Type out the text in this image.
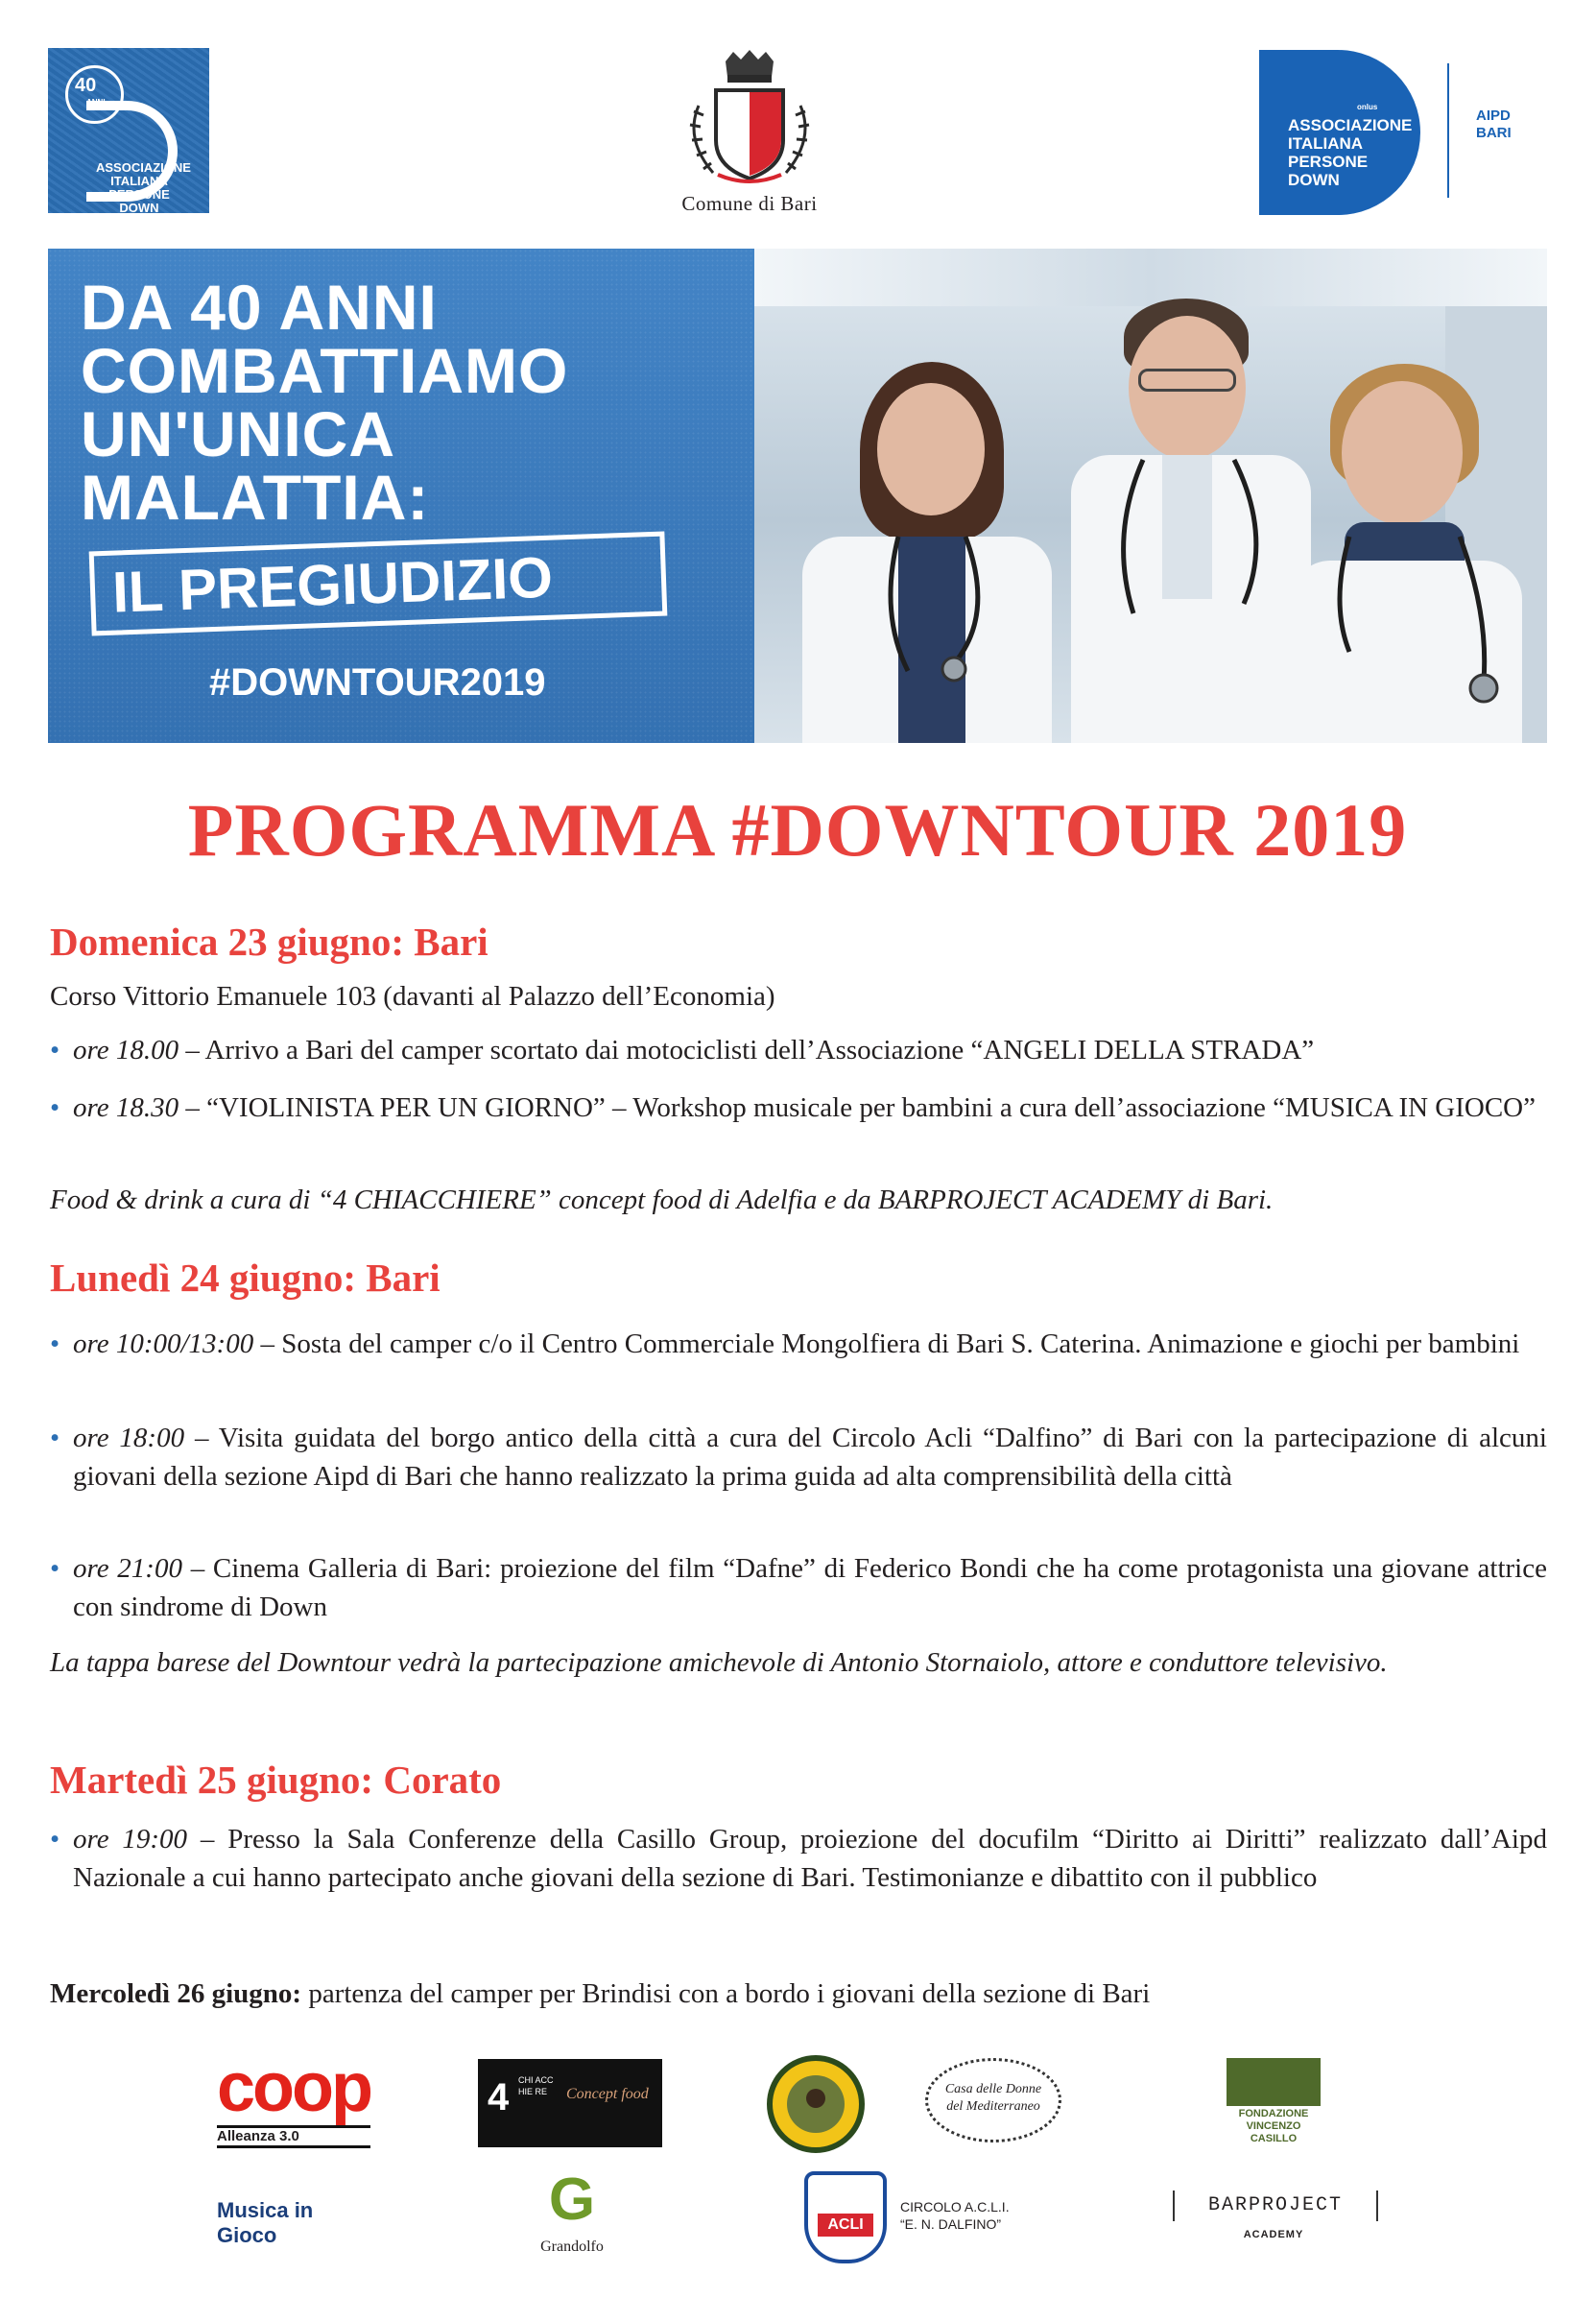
40
ANNI
ASSOCIAZIONE ITALIANA PERSONE DOWN	Comune di Bari
onlus
ASSOCIAZIONE ITALIANA PERSONE DOWN
AIPD BARI
DA 40 ANNI
COMBATTIAMO
UN'UNICA
MALATTIA:
IL PREGIUDIZIO
#DOWNTOUR2019
PROGRAMMA #DOWNTOUR 2019
Domenica 23 giugno: Bari
Corso Vittorio Emanuele 103 (davanti al Palazzo dell’Economia)
• ore 18.00 – Arrivo a Bari del camper scortato dai motociclisti dell’Associazione “ANGELI DELLA STRADA”
• ore 18.30 – “VIOLINISTA PER UN GIORNO” – Workshop musicale per bambini a cura dell’associazione “MUSICA IN GIOCO”
Food & drink a cura di “4 CHIACCHIERE” concept food di Adelfia e da BARPROJECT ACADEMY di Bari.
Lunedì 24 giugno: Bari
• ore 10:00/13:00 – Sosta del camper c/o il Centro Commerciale Mongolfiera di Bari S. Caterina. Animazione e giochi per bambini
• ore 18:00 – Visita guidata del borgo antico della città a cura del Circolo Acli “Dalfino” di Bari con la partecipazione di alcuni giovani della sezione Aipd di Bari che hanno realizzato la prima guida ad alta comprensibilità della città
• ore 21:00 – Cinema Galleria di Bari: proiezione del film “Dafne” di Federico Bondi che ha come protagonista una giovane attrice con sindrome di Down
La tappa barese del Downtour vedrà la partecipazione amichevole di Antonio Stornaiolo, attore e conduttore televisivo.
Martedì 25 giugno: Corato
• ore 19:00 – Presso la Sala Conferenze della Casillo Group, proiezione del docufilm “Diritto ai Diritti” realizzato dall’Aipd Nazionale a cui hanno partecipato anche giovani della sezione di Bari. Testimonianze e dibattito con il pubblico
Mercoledì 26 giugno: partenza del camper per Brindisi con a bordo i giovani della sezione di Bari
coop
Alleanza 3.0
4 CHI ACC HIE RE	Concept food	Casa delle Donne del Mediterraneo	FONDAZIONE
VINCENZO
CASILLO
Musica in Gioco
G
Grandolfo
ACLI
CIRCOLO A.C.L.I.
“E. N. DALFINO”
BARPROJECT
ACADEMY
